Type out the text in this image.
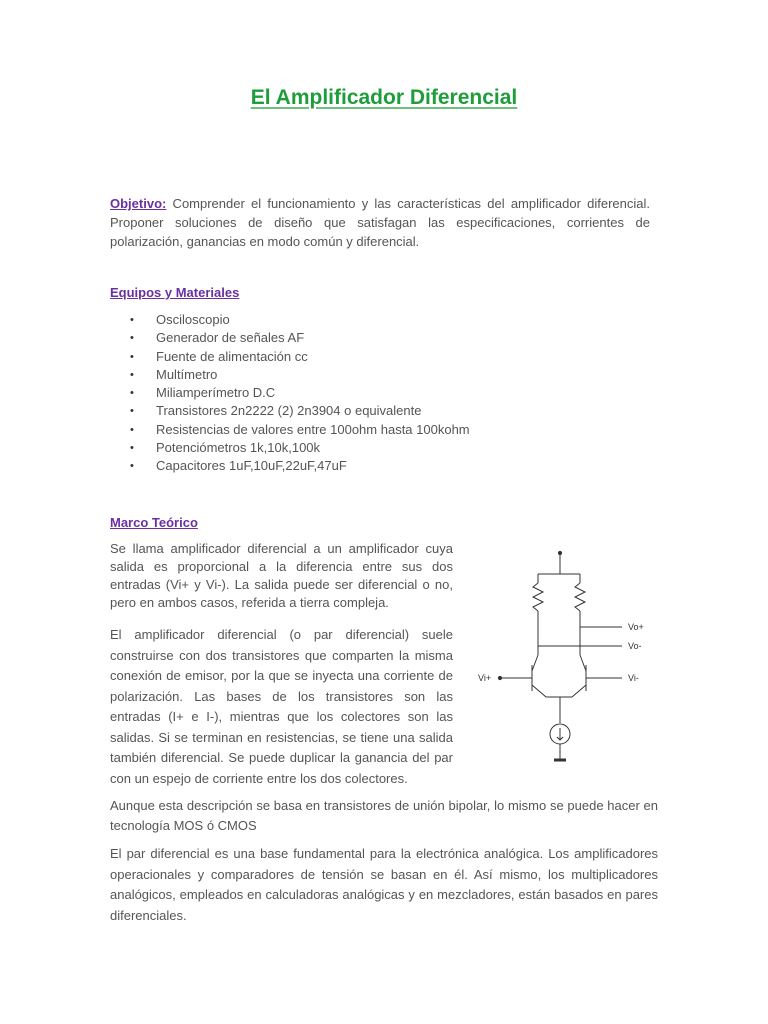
El Amplificador Diferencial
Objetivo: Comprender el funcionamiento y las características del amplificador diferencial. Proponer soluciones de diseño que satisfagan las especificaciones, corrientes de polarización, ganancias en modo común y diferencial.
Equipos y Materiales
• Osciloscopio
• Generador de señales AF
• Fuente de alimentación cc
• Multímetro
• Miliamperímetro D.C
• Transistores 2n2222 (2) 2n3904 o equivalente
• Resistencias de valores entre 100ohm hasta 100kohm
• Potenciómetros 1k,10k,100k
• Capacitores 1uF,10uF,22uF,47uF
Marco Teórico
Se llama amplificador diferencial a un amplificador cuya salida es proporcional a la diferencia entre sus dos entradas (Vi+ y Vi-). La salida puede ser diferencial o no, pero en ambos casos, referida a tierra compleja.
El amplificador diferencial (o par diferencial) suele construirse con dos transistores que comparten la misma conexión de emisor, por la que se inyecta una corriente de polarización. Las bases de los transistores son las entradas (I+ e I-), mientras que los colectores son las salidas. Si se terminan en resistencias, se tiene una salida también diferencial. Se puede duplicar la ganancia del par con un espejo de corriente entre los dos colectores.
Aunque esta descripción se basa en transistores de unión bipolar, lo mismo se puede hacer en tecnología MOS ó CMOS
El par diferencial es una base fundamental para la electrónica analógica. Los amplificadores operacionales y comparadores de tensión se basan en él. Así mismo, los multiplicadores analógicos, empleados en calculadoras analógicas y en mezcladores, están basados en pares diferenciales.
Vo+
Vo-
Vi+	Vi-
